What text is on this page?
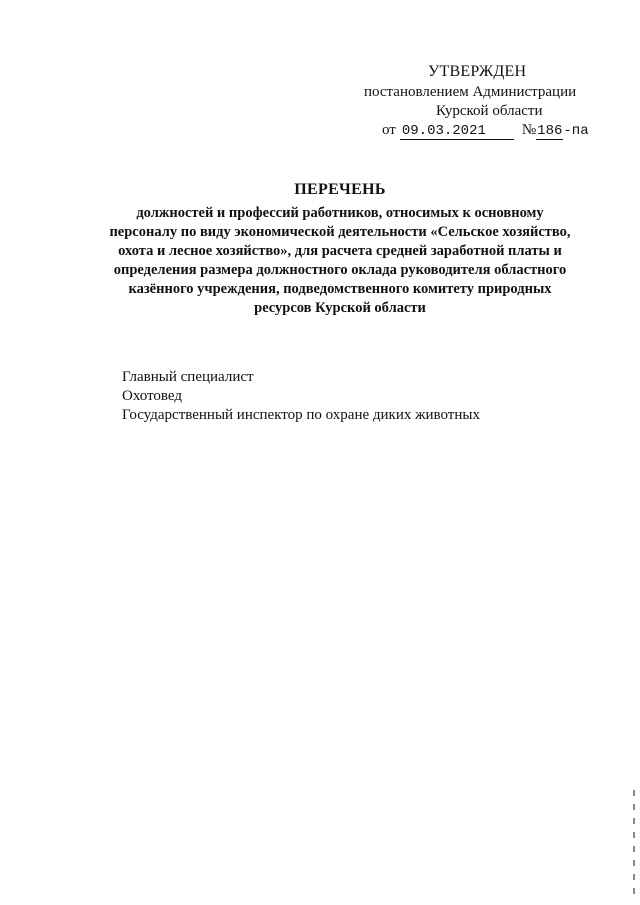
УТВЕРЖДЕН
постановлением Администрации
Курской области
от 09.03.2021	№ 186 -па
ПЕРЕЧЕНЬ
должностей и профессий работников, относимых к основному
персоналу по виду экономической деятельности «Сельское хозяйство,
охота и лесное хозяйство», для расчета средней заработной платы и
определения размера должностного оклада руководителя областного
казённого учреждения, подведомственного комитету природных
ресурсов Курской области
Главный специалист
Охотовед
Государственный инспектор по охране диких животных
